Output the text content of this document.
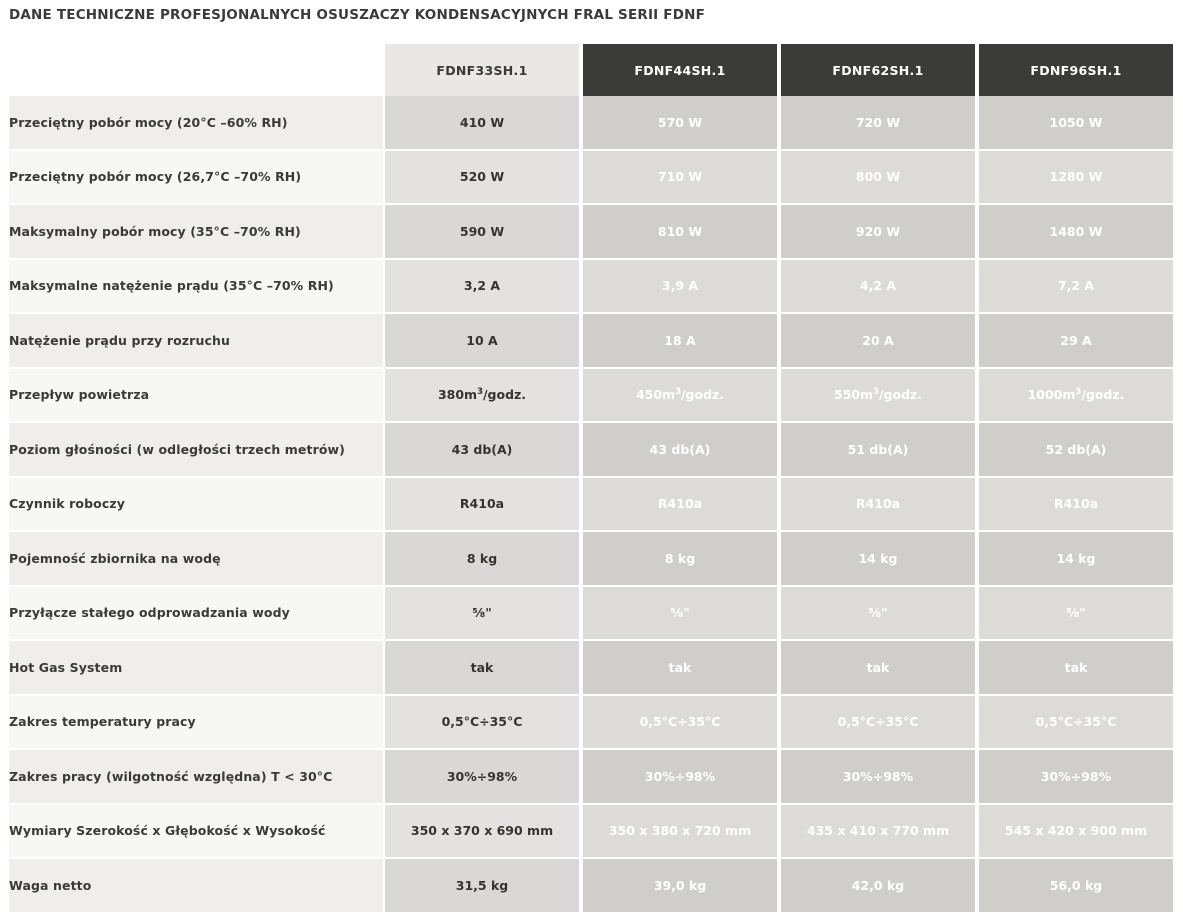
DANE TECHNICZNE PROFESJONALNYCH OSUSZACZY KONDENSACYJNYCH FRAL SERII FDNF
	FDNF33SH.1	FDNF44SH.1	FDNF62SH.1	FDNF96SH.1
Przeciętny pobór mocy (20°C –60% RH)	410 W	570 W	720 W	1050 W
Przeciętny pobór mocy (26,7°C –70% RH)	520 W	710 W	800 W	1280 W
Maksymalny pobór mocy (35°C –70% RH)	590 W	810 W	920 W	1480 W
Maksymalne natężenie prądu (35°C –70% RH)	3,2 A	3,9 A	4,2 A	7,2 A
Natężenie prądu przy rozruchu	10 A	18 A	20 A	29 A
Przepływ powietrza	$380m^3$/godz.	$450m^3$/godz.	$550m^3$/godz.	$1000m^3$/godz.
Poziom głośności (w odległości trzech metrów)	43 db(A)	43 db(A)	51 db(A)	52 db(A)
Czynnik roboczy	R410a	R410a	R410a	R410a
Pojemność zbiornika na wodę	8 kg	8 kg	14 kg	14 kg
Przyłącze stałego odprowadzania wody	⅝"	⅝"	⅝"	⅝"
Hot Gas System	tak	tak	tak	tak
Zakres temperatury pracy	0,5°C÷35°C	0,5°C÷35°C	0,5°C÷35°C	0,5°C÷35°C
Zakres pracy (wilgotność względna) T < 30°C	30%÷98%	30%÷98%	30%÷98%	30%÷98%
Wymiary Szerokość x Głębokość x Wysokość	350 x 370 x 690 mm	350 x 380 x 720 mm	435 x 410 x 770 mm	545 x 420 x 900 mm
Waga netto	31,5 kg	39,0 kg	42,0 kg	56,0 kg
